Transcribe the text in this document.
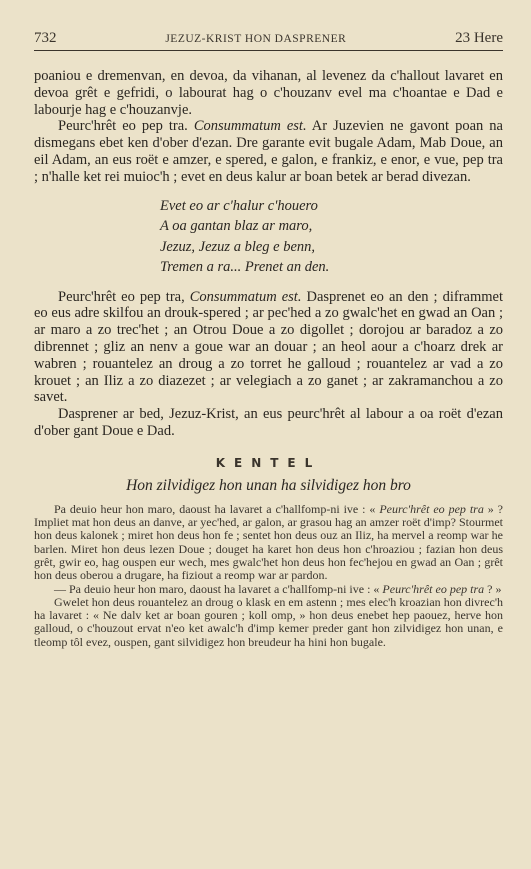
732	JEZUZ-KRIST HON DASPRENER	23 Here

poaniou e dremenvan, en devoa, da vihanan, al levenez da c'hallout lavaret en devoa grêt e gefridi, o labourat hag o c'houzanv evel ma c'hoantae e Dad e labourje hag e c'houzanvje.

Peurc'hrêt eo pep tra. Consummatum est. Ar Juzevien ne gavont poan na dismegans ebet ken d'ober d'ezan. Dre garante evit bugale Adam, Mab Doue, an eil Adam, an eus roët e amzer, e spered, e galon, e frankiz, e enor, e vue, pep tra ; n'halle ket rei muioc'h ; evet en deus kalur ar boan betek ar berad divezan.

Evet eo ar c'halur c'houero
A oa gantan blaz ar maro,
Jezuz, Jezuz a bleg e benn,
Tremen a ra... Prenet an den.

Peurc'hrêt eo pep tra, Consummatum est. Dasprenet eo an den ; diframmet eo eus adre skilfou an drouk-spered ; ar pec'hed a zo gwalc'het en gwad an Oan ; ar maro a zo trec'het ; an Otrou Doue a zo digollet ; dorojou ar baradoz a zo dibrennet ; gliz an nenv a goue war an douar ; an heol aour a c'hoarz drek ar wabren ; rouantelez an droug a zo torret he galloud ; rouantelez ar vad a zo krouet ; an Iliz a zo diazezet ; ar velegiach a zo ganet ; ar zakramanchou a zo savet.

Dasprener ar bed, Jezuz-Krist, an eus peurc'hrêt al labour a oa roët d'ezan d'ober gant Doue e Dad.

KENTEL
Hon zilvidigez hon unan ha silvidigez hon bro

Pa deuio heur hon maro, daoust ha lavaret a c'hallfomp-ni ive : « Peurc'hrêt eo pep tra » ? Impliet mat hon deus an danve, ar yec'hed, ar galon, ar grasou hag an amzer roët d'imp? Stourmet hon deus kalonek ; miret hon deus hon fe ; sentet hon deus ouz an Iliz, ha mervel a reomp war he barlen. Miret hon deus lezen Doue ; douget ha karet hon deus hon c'hroaziou ; fazian hon deus grêt, gwir eo, hag ouspen eur wech, mes gwalc'het hon deus hon fec'hejou en gwad an Oan ; grêt hon deus oberou a drugare, ha fiziout a reomp war ar pardon.

— Pa deuio heur hon maro, daoust ha lavaret a c'hallfomp-ni ive : « Peurc'hrêt eo pep tra ? »

Gwelet hon deus rouantelez an droug o klask en em astenn ; mes elec'h kroazian hon divrec'h ha lavaret : « Ne dalv ket ar boan gouren ; koll omp, » hon deus enebet hep paouez, herve hon galloud, o c'houzout ervat n'eo ket awalc'h d'imp kemer preder gant hon zilvidigez hon unan, e tleomp tôl evez, ouspen, gant silvidigez hon breudeur ha hini hon bugale.
